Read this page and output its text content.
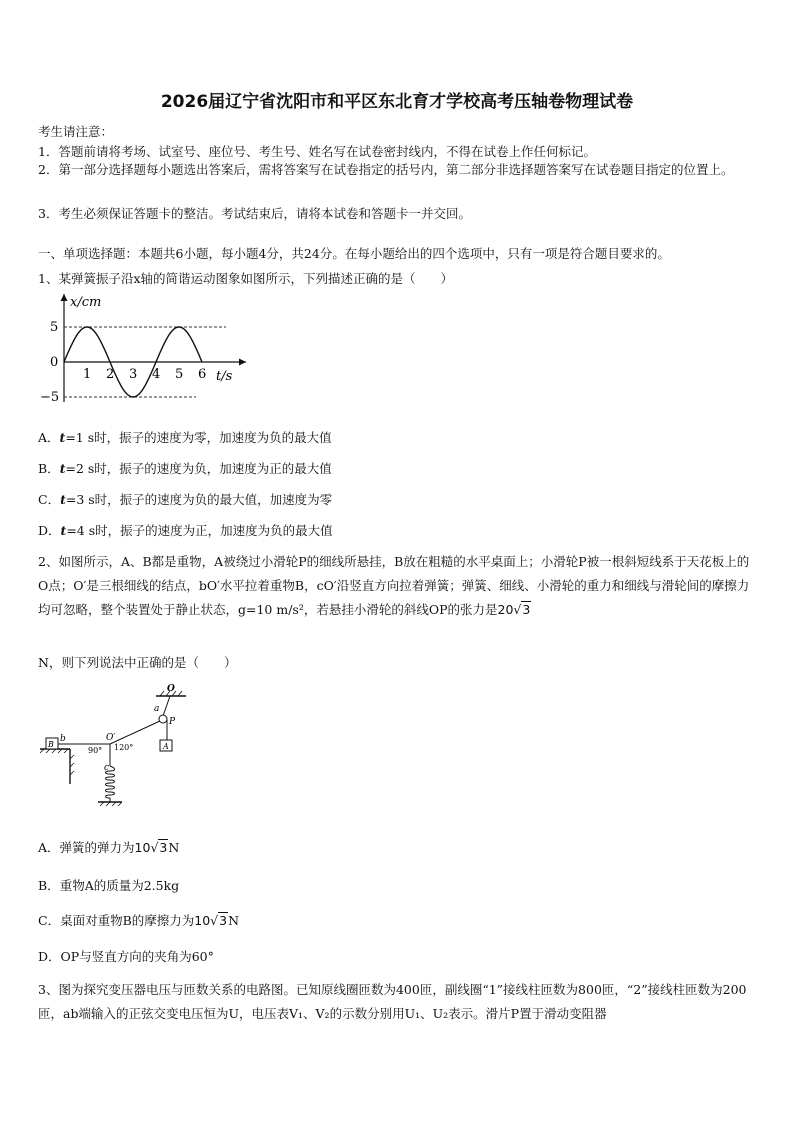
2026届辽宁省沈阳市和平区东北育才学校高考压轴卷物理试卷
考生请注意：
1．答题前请将考场、试室号、座位号、考生号、姓名写在试卷密封线内，不得在试卷上作任何标记。
2．第一部分选择题每小题选出答案后，需将答案写在试卷指定的括号内，第二部分非选择题答案写在试卷题目指定的位置上。
3．考生必须保证答题卡的整洁。考试结束后，请将本试卷和答题卡一并交回。
一、单项选择题：本题共6小题，每小题4分，共24分。在每小题给出的四个选项中，只有一项是符合题目要求的。
1、某弹簧振子沿x轴的简谐运动图象如图所示，下列描述正确的是（　　）
x/cm
t/s
5
0
−5
1 2 3 4 5 6
A．t=1 s时，振子的速度为零，加速度为负的最大值
B．t=2 s时，振子的速度为负，加速度为正的最大值
C．t=3 s时，振子的速度为负的最大值，加速度为零
D．t=4 s时，振子的速度为正，加速度为负的最大值
2、如图所示，A、B都是重物，A被绕过小滑轮P的细线所悬挂，B放在粗糙的水平桌面上；小滑轮P被一根斜短线系于天花板上的O点；O′是三根细线的结点，bO′水平拉着重物B，cO′沿竖直方向拉着弹簧；弹簧、细线、小滑轮的重力和细线与滑轮间的摩擦力均可忽略，整个装置处于静止状态，g=10 m/s²，若悬挂小滑轮的斜线OP的张力是20√3
N，则下列说法中正确的是（　　）
O
a
P
A
B
b	O′
90° 120°
c
A．弹簧的弹力为10√3N
B．重物A的质量为2.5kg
C．桌面对重物B的摩擦力为10√3N
D．OP与竖直方向的夹角为60°
3、图为探究变压器电压与匝数关系的电路图。已知原线圈匝数为400匝，副线圈“1”接线柱匝数为800匝，“2”接线柱匝数为200匝，ab端输入的正弦交变电压恒为U，电压表V₁、V₂的示数分别用U₁、U₂表示。滑片P置于滑动变阻器
